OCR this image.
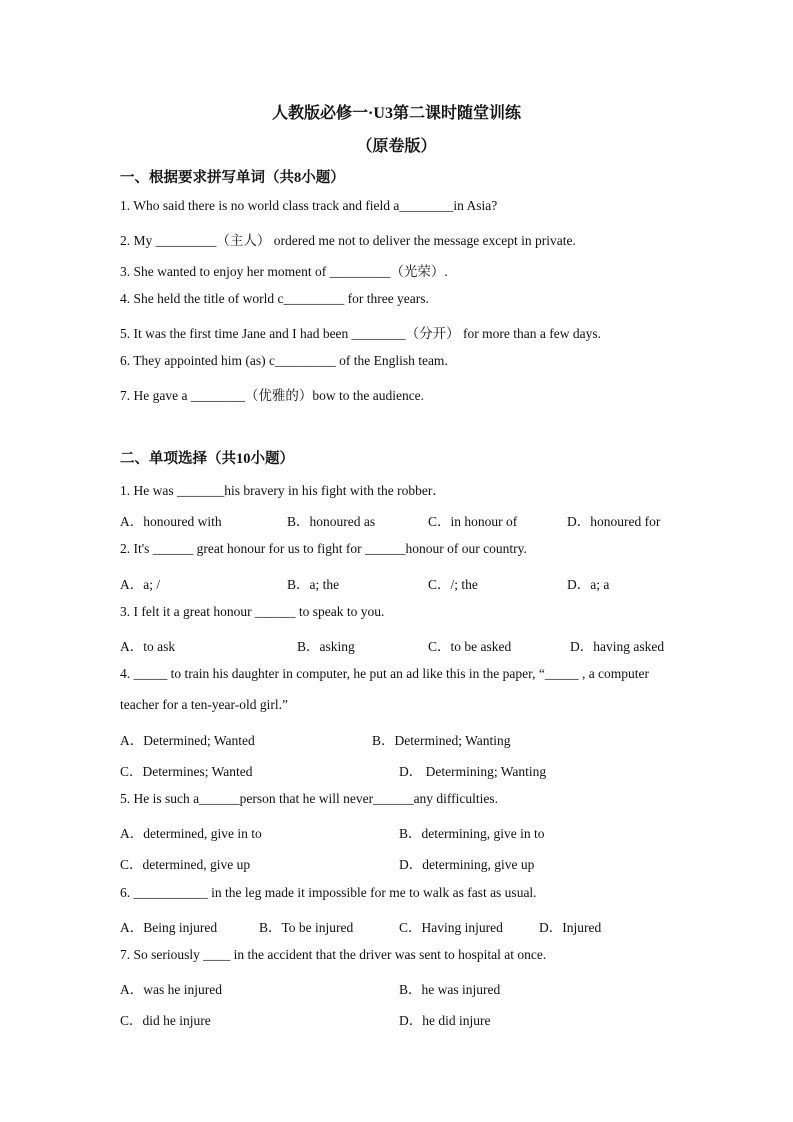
人教版必修一·U3第二课时随堂训练
（原卷版）
一、根据要求拼写单词（共8小题）
1. Who said there is no world class track and field a________in Asia?
2. My _________（主人） ordered me not to deliver the message except in private.
3. She wanted to enjoy her moment of _________（光荣）.
4. She held the title of world c_________ for three years.
5. It was the first time Jane and I had been ________（分开） for more than a few days.
6. They appointed him (as) c_________ of the English team.
7. He gave a ________（优雅的）bow to the audience.
二、单项选择（共10小题）
1. He was _______his bravery in his fight with the robber．
A．honoured with	B．honoured as	C．in honour of	D．honoured for
2. It's ______ great honour for us to fight for ______honour of our country.
A．a; /	B．a; the	C．/; the	D．a; a
3. I felt it a great honour ______ to speak to you.
A．to ask	B．asking	C．to be asked	D．having asked
4. _____ to train his daughter in computer, he put an ad like this in the paper, “_____ , a computer
teacher for a ten-year-old girl.”
A．Determined; Wanted	B．Determined; Wanting
C．Determines; Wanted	D． Determining; Wanting
5. He is such a______person that he will never______any difficulties.
A．determined, give in to	B．determining, give in to
C．determined, give up	D．determining, give up
6. ___________ in the leg made it impossible for me to walk as fast as usual.
A．Being injured	B．To be injured	C．Having injured	D．Injured
7. So seriously ____ in the accident that the driver was sent to hospital at once.
A．was he injured	B．he was injured
C．did he injure	D．he did injure
